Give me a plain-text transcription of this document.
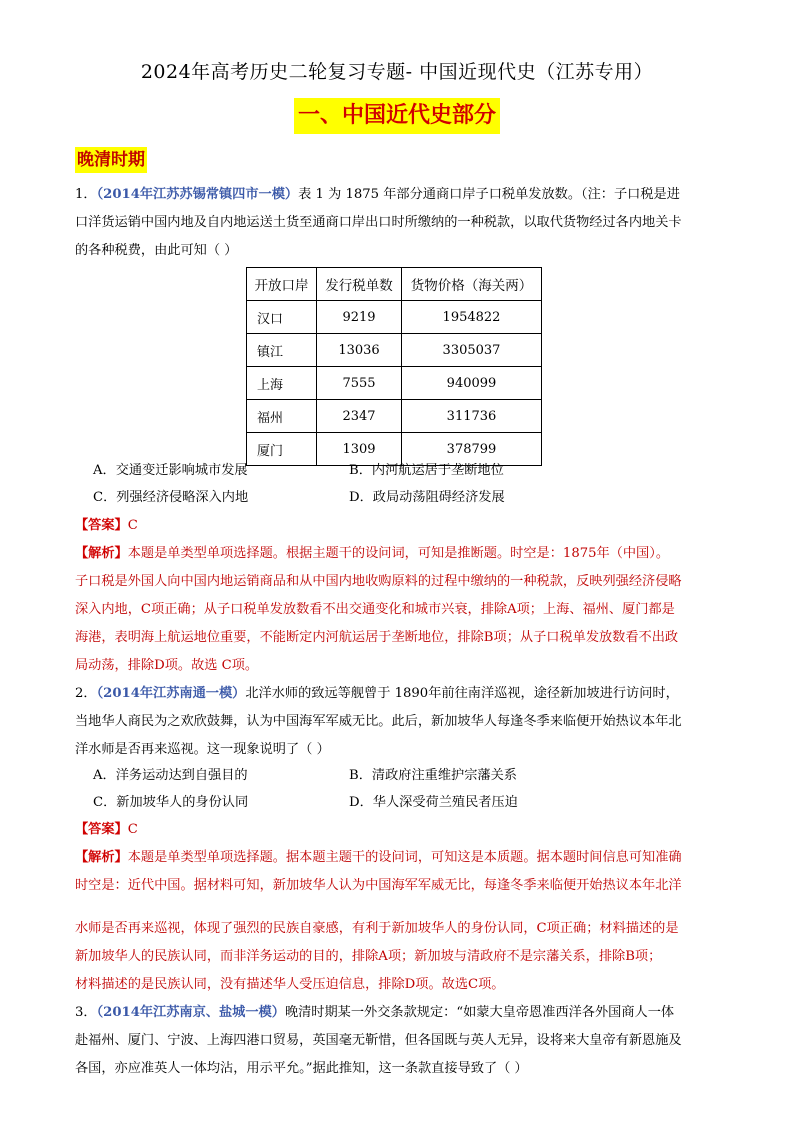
2024年高考历史二轮复习专题- 中国近现代史（江苏专用）
一、中国近代史部分
晚清时期
1．（2014年江苏苏锡常镇四市一模）表 1 为 1875 年部分通商口岸子口税单发放数。（注：子口税是进
口洋货运销中国内地及自内地运送土货至通商口岸出口时所缴纳的一种税款，以取代货物经过各内地关卡
的各种税费，由此可知（ ）
开放口岸	发行税单数	货物价格（海关两）
汉口	9219	1954822
镇江	13036	3305037
上海	7555	940099
福州	2347	311736
厦门	1309	378799
A．交通变迁影响城市发展	B．内河航运居于垄断地位
C．列强经济侵略深入内地	D．政局动荡阻碍经济发展
【答案】C
【解析】本题是单类型单项选择题。根据主题干的设问词，可知是推断题。时空是：1875年（中国）。
子口税是外国人向中国内地运销商品和从中国内地收购原料的过程中缴纳的一种税款，反映列强经济侵略
深入内地，C项正确；从子口税单发放数看不出交通变化和城市兴衰，排除A项；上海、福州、厦门都是
海港，表明海上航运地位重要，不能断定内河航运居于垄断地位，排除B项；从子口税单发放数看不出政
局动荡，排除D项。故选 C项。
2．（2014年江苏南通一模）北洋水师的致远等舰曾于 1890年前往南洋巡视，途径新加坡进行访问时，
当地华人商民为之欢欣鼓舞，认为中国海军军威无比。此后，新加坡华人每逢冬季来临便开始热议本年北
洋水师是否再来巡视。这一现象说明了（ ）
A．洋务运动达到自强目的	B．清政府注重维护宗藩关系
C．新加坡华人的身份认同	D．华人深受荷兰殖民者压迫
【答案】C
【解析】本题是单类型单项选择题。据本题主题干的设问词，可知这是本质题。据本题时间信息可知准确
时空是：近代中国。据材料可知，新加坡华人认为中国海军军威无比，每逢冬季来临便开始热议本年北洋
水师是否再来巡视，体现了强烈的民族自豪感，有利于新加坡华人的身份认同，C项正确；材料描述的是
新加坡华人的民族认同，而非洋务运动的目的，排除A项；新加坡与清政府不是宗藩关系，排除B项；
材料描述的是民族认同，没有描述华人受压迫信息，排除D项。故选C项。
3．（2014年江苏南京、盐城一模）晚清时期某一外交条款规定：“如蒙大皇帝恩准西洋各外国商人一体
赴福州、厦门、宁波、上海四港口贸易，英国毫无靳惜，但各国既与英人无异，设将来大皇帝有新恩施及
各国，亦应准英人一体均沾，用示平允。”据此推知，这一条款直接导致了（ ）
